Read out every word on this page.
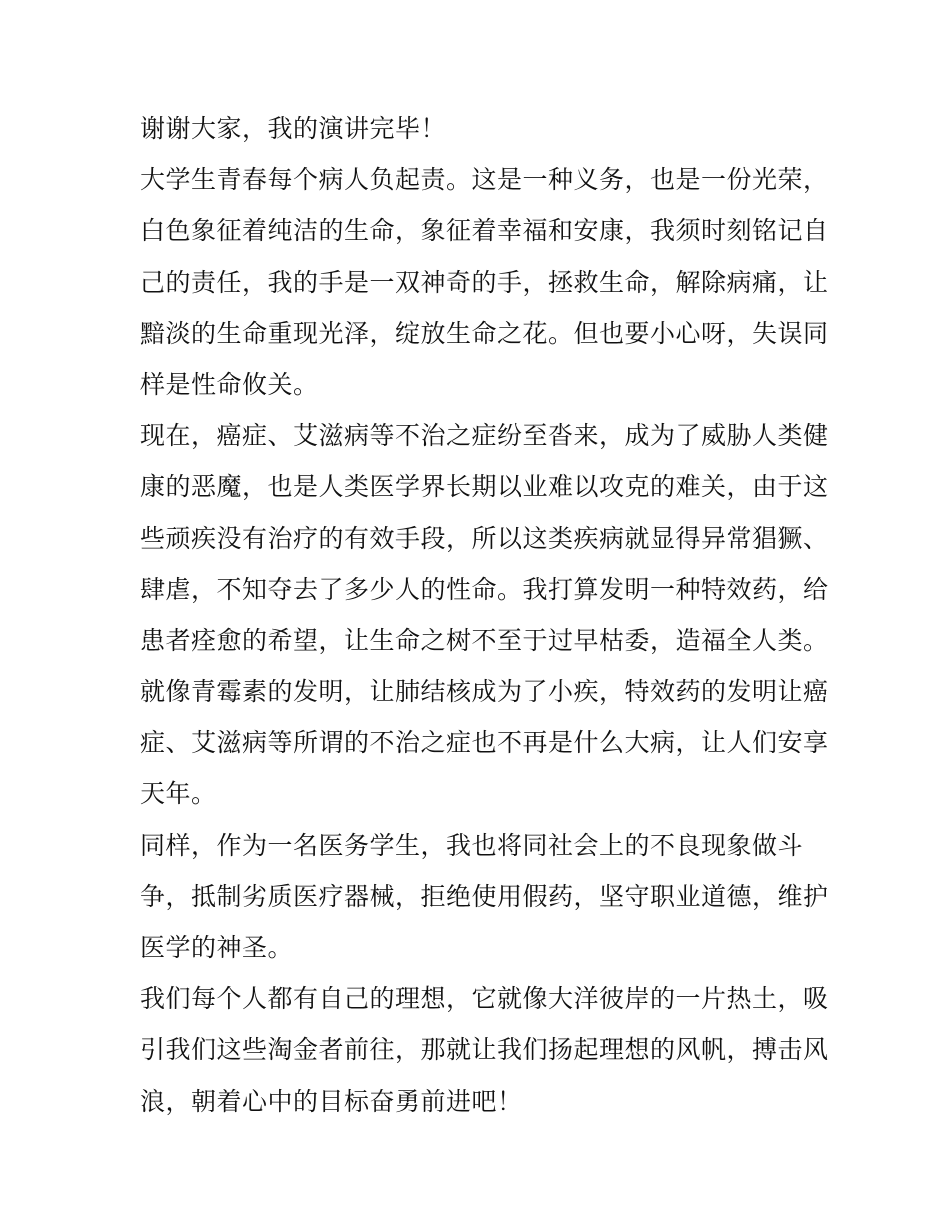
谢谢大家，我的演讲完毕！
大学生青春每个病人负起责。这是一种义务，也是一份光荣，
白色象征着纯洁的生命，象征着幸福和安康，我须时刻铭记自
己的责任，我的手是一双神奇的手，拯救生命，解除病痛，让
黯淡的生命重现光泽，绽放生命之花。但也要小心呀，失误同
样是性命攸关。
现在，癌症、艾滋病等不治之症纷至沓来，成为了威胁人类健
康的恶魔，也是人类医学界长期以业难以攻克的难关，由于这
些顽疾没有治疗的有效手段，所以这类疾病就显得异常猖獗、
肆虐，不知夺去了多少人的性命。我打算发明一种特效药，给
患者痊愈的希望，让生命之树不至于过早枯委，造福全人类。
就像青霉素的发明，让肺结核成为了小疾，特效药的发明让癌
症、艾滋病等所谓的不治之症也不再是什么大病，让人们安享
天年。
同样，作为一名医务学生，我也将同社会上的不良现象做斗
争，抵制劣质医疗器械，拒绝使用假药，坚守职业道德，维护
医学的神圣。
我们每个人都有自己的理想，它就像大洋彼岸的一片热土，吸
引我们这些淘金者前往，那就让我们扬起理想的风帆，搏击风
浪，朝着心中的目标奋勇前进吧！
